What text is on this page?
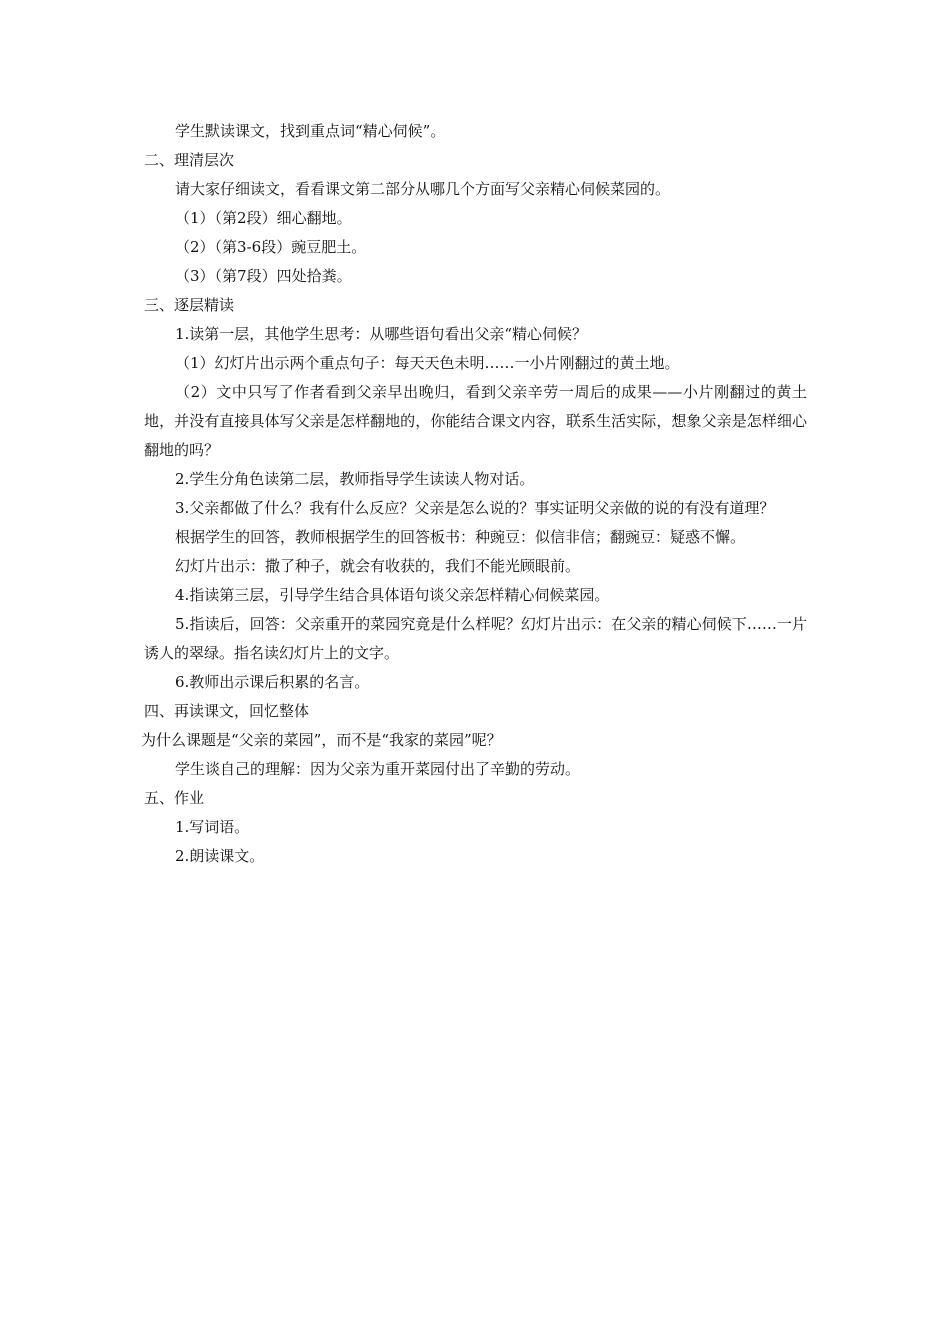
学生默读课文，找到重点词“精心伺候”。

二、理清层次

请大家仔细读文，看看课文第二部分从哪几个方面写父亲精心伺候菜园的。

（1）（第2段）细心翻地。

（2）（第3-6段）豌豆肥土。

（3）（第7段）四处拾粪。

三、逐层精读

1.读第一层，其他学生思考：从哪些语句看出父亲“精心伺候？

（1）幻灯片出示两个重点句子：每天天色未明……一小片刚翻过的黄土地。

（2）文中只写了作者看到父亲早出晚归，看到父亲辛劳一周后的成果——小片刚翻过的黄土地，并没有直接具体写父亲是怎样翻地的，你能结合课文内容，联系生活实际，想象父亲是怎样细心翻地的吗？

2.学生分角色读第二层，教师指导学生读读人物对话。

3.父亲都做了什么？我有什么反应？父亲是怎么说的？事实证明父亲做的说的有没有道理？

根据学生的回答，教师根据学生的回答板书：种豌豆：似信非信；翻豌豆：疑惑不懈。

幻灯片出示：撒了种子，就会有收获的，我们不能光顾眼前。

4.指读第三层，引导学生结合具体语句谈父亲怎样精心伺候菜园。

5.指读后，回答：父亲重开的菜园究竟是什么样呢？幻灯片出示：在父亲的精心伺候下……一片诱人的翠绿。指名读幻灯片上的文字。

6.教师出示课后积累的名言。

四、再读课文，回忆整体

为什么课题是“父亲的菜园”，而不是“我家的菜园”呢？

学生谈自己的理解：因为父亲为重开菜园付出了辛勤的劳动。

五、作业

1.写词语。

2.朗读课文。
